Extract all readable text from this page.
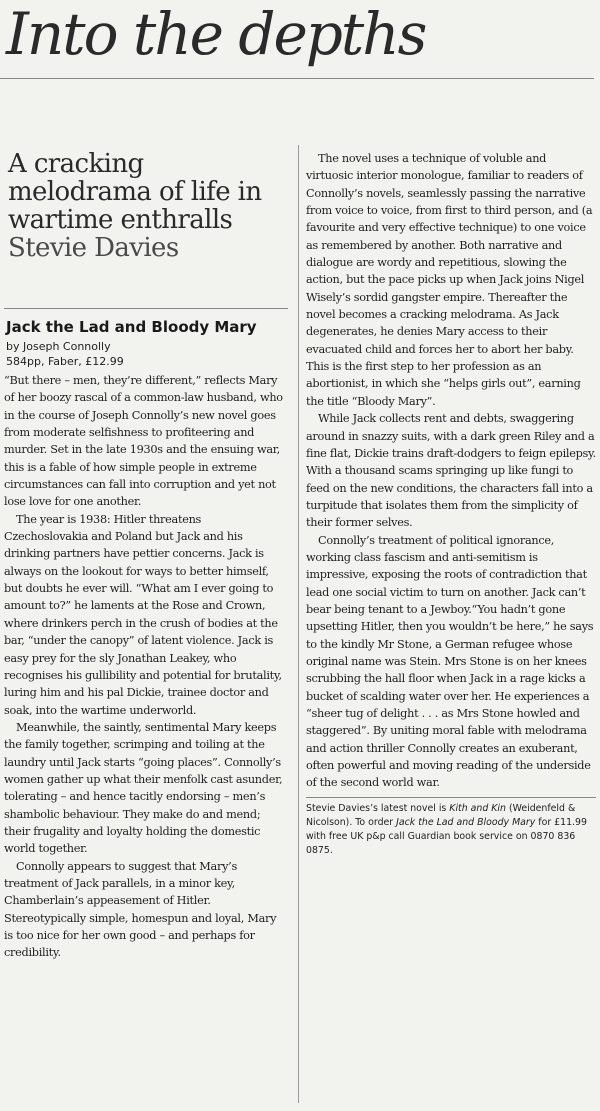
Into the depths
A cracking melodrama of life in wartime enthralls Stevie Davies
Jack the Lad and Bloody Mary
by Joseph Connolly
584pp, Faber, £12.99

“But there – men, they’re different,” reflects Mary of her boozy rascal of a common-law husband, who in the course of Joseph Connolly’s new novel goes from moderate selfishness to profiteering and murder. Set in the late 1930s and the ensuing war, this is a fable of how simple people in extreme circumstances can fall into corruption and yet not lose love for one another.

The year is 1938: Hitler threatens Czechoslovakia and Poland but Jack and his drinking partners have pettier concerns. Jack is always on the lookout for ways to better himself, but doubts he ever will. “What am I ever going to amount to?” he laments at the Rose and Crown, where drinkers perch in the crush of bodies at the bar, “under the canopy” of latent violence. Jack is easy prey for the sly Jonathan Leakey, who recognises his gullibility and potential for brutality, luring him and his pal Dickie, trainee doctor and soak, into the wartime underworld.

Meanwhile, the saintly, sentimental Mary keeps the family together, scrimping and toiling at the laundry until Jack starts “going places”. Connolly’s women gather up what their menfolk cast asunder, tolerating – and hence tacitly endorsing – men’s shambolic behaviour. They make do and mend; their frugality and loyalty holding the domestic world together.

Connolly appears to suggest that Mary’s treatment of Jack parallels, in a minor key, Chamberlain’s appeasement of Hitler. Stereotypically simple, homespun and loyal, Mary is too nice for her own good – and perhaps for credibility.

The novel uses a technique of voluble and virtuosic interior monologue, familiar to readers of Connolly’s novels, seamlessly passing the narrative from voice to voice, from first to third person, and (a favourite and very effective technique) to one voice as remembered by another. Both narrative and dialogue are wordy and repetitious, slowing the action, but the pace picks up when Jack joins Nigel Wisely’s sordid gangster empire. Thereafter the novel becomes a cracking melodrama. As Jack degenerates, he denies Mary access to their evacuated child and forces her to abort her baby. This is the first step to her profession as an abortionist, in which she “helps girls out”, earning the title “Bloody Mary”.

While Jack collects rent and debts, swaggering around in snazzy suits, with a dark green Riley and a fine flat, Dickie trains draft-dodgers to feign epilepsy. With a thousand scams springing up like fungi to feed on the new conditions, the characters fall into a turpitude that isolates them from the simplicity of their former selves.

Connolly’s treatment of political ignorance, working class fascism and anti-semitism is impressive, exposing the roots of contradiction that lead one social victim to turn on another. Jack can’t bear being tenant to a Jewboy.“You hadn’t gone upsetting Hitler, then you wouldn’t be here,” he says to the kindly Mr Stone, a German refugee whose original name was Stein. Mrs Stone is on her knees scrubbing the hall floor when Jack in a rage kicks a bucket of scalding water over her. He experiences a “sheer tug of delight . . . as Mrs Stone howled and staggered”. By uniting moral fable with melodrama and action thriller Connolly creates an exuberant, often powerful and moving reading of the underside of the second world war.

Stevie Davies’s latest novel is Kith and Kin (Weidenfeld & Nicolson). To order Jack the Lad and Bloody Mary for £11.99 with free UK p&p call Guardian book service on 0870 836 0875.
